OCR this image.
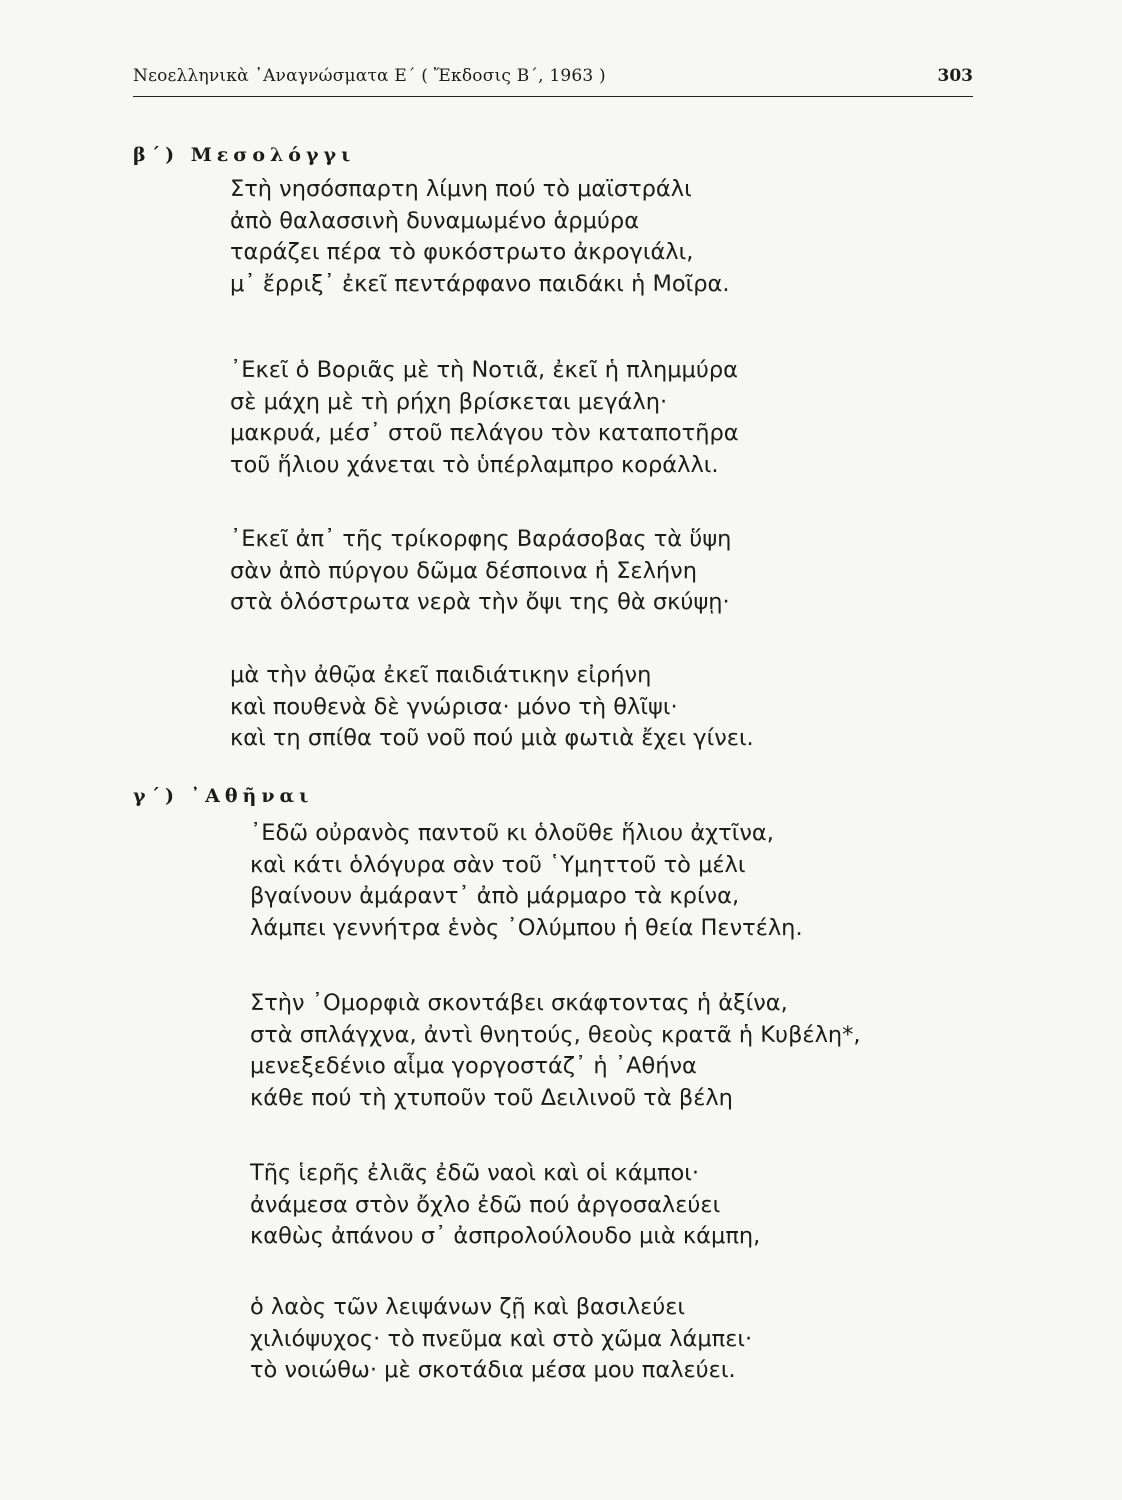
Νεοελληνικὰ ᾿Αναγνώσματα Ε΄ ( Ἔκδοσις Β΄, 1963 )	303
β΄) Μεσολόγγι
Στὴ νησόσπαρτη λίμνη πού τὸ μαϊστράλι
ἀπὸ θαλασσινὴ δυναμωμένο ἁρμύρα
ταράζει πέρα τὸ φυκόστρωτο ἀκρογιάλι,
μ᾿ ἔρριξ᾿ ἐκεῖ πεντάρφανο παιδάκι ἡ Μοῖρα.
᾿Εκεῖ ὁ Βοριᾶς μὲ τὴ Νοτιᾶ, ἐκεῖ ἡ πλημμύρα
σὲ μάχη μὲ τὴ ρήχη βρίσκεται μεγάλη·
μακρυά, μέσ᾿ στοῦ πελάγου τὸν καταποτῆρα
τοῦ ἥλιου χάνεται τὸ ὑπέρλαμπρο κοράλλι.
᾿Εκεῖ ἀπ᾿ τῆς τρίκορφης Βαράσοβας τὰ ὕψη
σὰν ἀπὸ πύργου δῶμα δέσποινα ἡ Σελήνη
στὰ ὁλόστρωτα νερὰ τὴν ὄψι της θὰ σκύψῃ·
μὰ τὴν ἀθῷα ἐκεῖ παιδιάτικην εἰρήνη
καὶ πουθενὰ δὲ γνώρισα· μόνο τὴ θλῖψι·
καὶ τη σπίθα τοῦ νοῦ πού μιὰ φωτιὰ ἔχει γίνει.
γ΄) ᾿Αθῆναι
᾿Εδῶ οὐρανὸς παντοῦ κι ὁλοῦθε ἥλιου ἀχτῖνα,
καὶ κάτι ὁλόγυρα σὰν τοῦ ῾Υμηττοῦ τὸ μέλι
βγαίνουν ἀμάραντ᾿ ἀπὸ μάρμαρο τὰ κρίνα,
λάμπει γεννήτρα ἑνὸς ᾿Ολύμπου ἡ θεία Πεντέλη.
Στὴν ᾿Ομορφιὰ σκοντάβει σκάφτοντας ἡ ἀξίνα,
στὰ σπλάγχνα, ἀντὶ θνητούς, θεοὺς κρατᾶ ἡ Κυβέλη*,
μενεξεδένιο αἷμα γοργοστάζ᾿ ἡ ᾿Αθήνα
κάθε πού τὴ χτυποῦν τοῦ Δειλινοῦ τὰ βέλη
Τῆς ἱερῆς ἐλιᾶς ἐδῶ ναοὶ καὶ οἱ κάμποι·
ἀνάμεσα στὸν ὄχλο ἐδῶ πού ἀργοσαλεύει
καθὼς ἀπάνου σ᾿ ἀσπρολούλουδο μιὰ κάμπη,
ὁ λαὸς τῶν λειψάνων ζῇ καὶ βασιλεύει
χιλιόψυχος· τὸ πνεῦμα καὶ στὸ χῶμα λάμπει·
τὸ νοιώθω· μὲ σκοτάδια μέσα μου παλεύει.
